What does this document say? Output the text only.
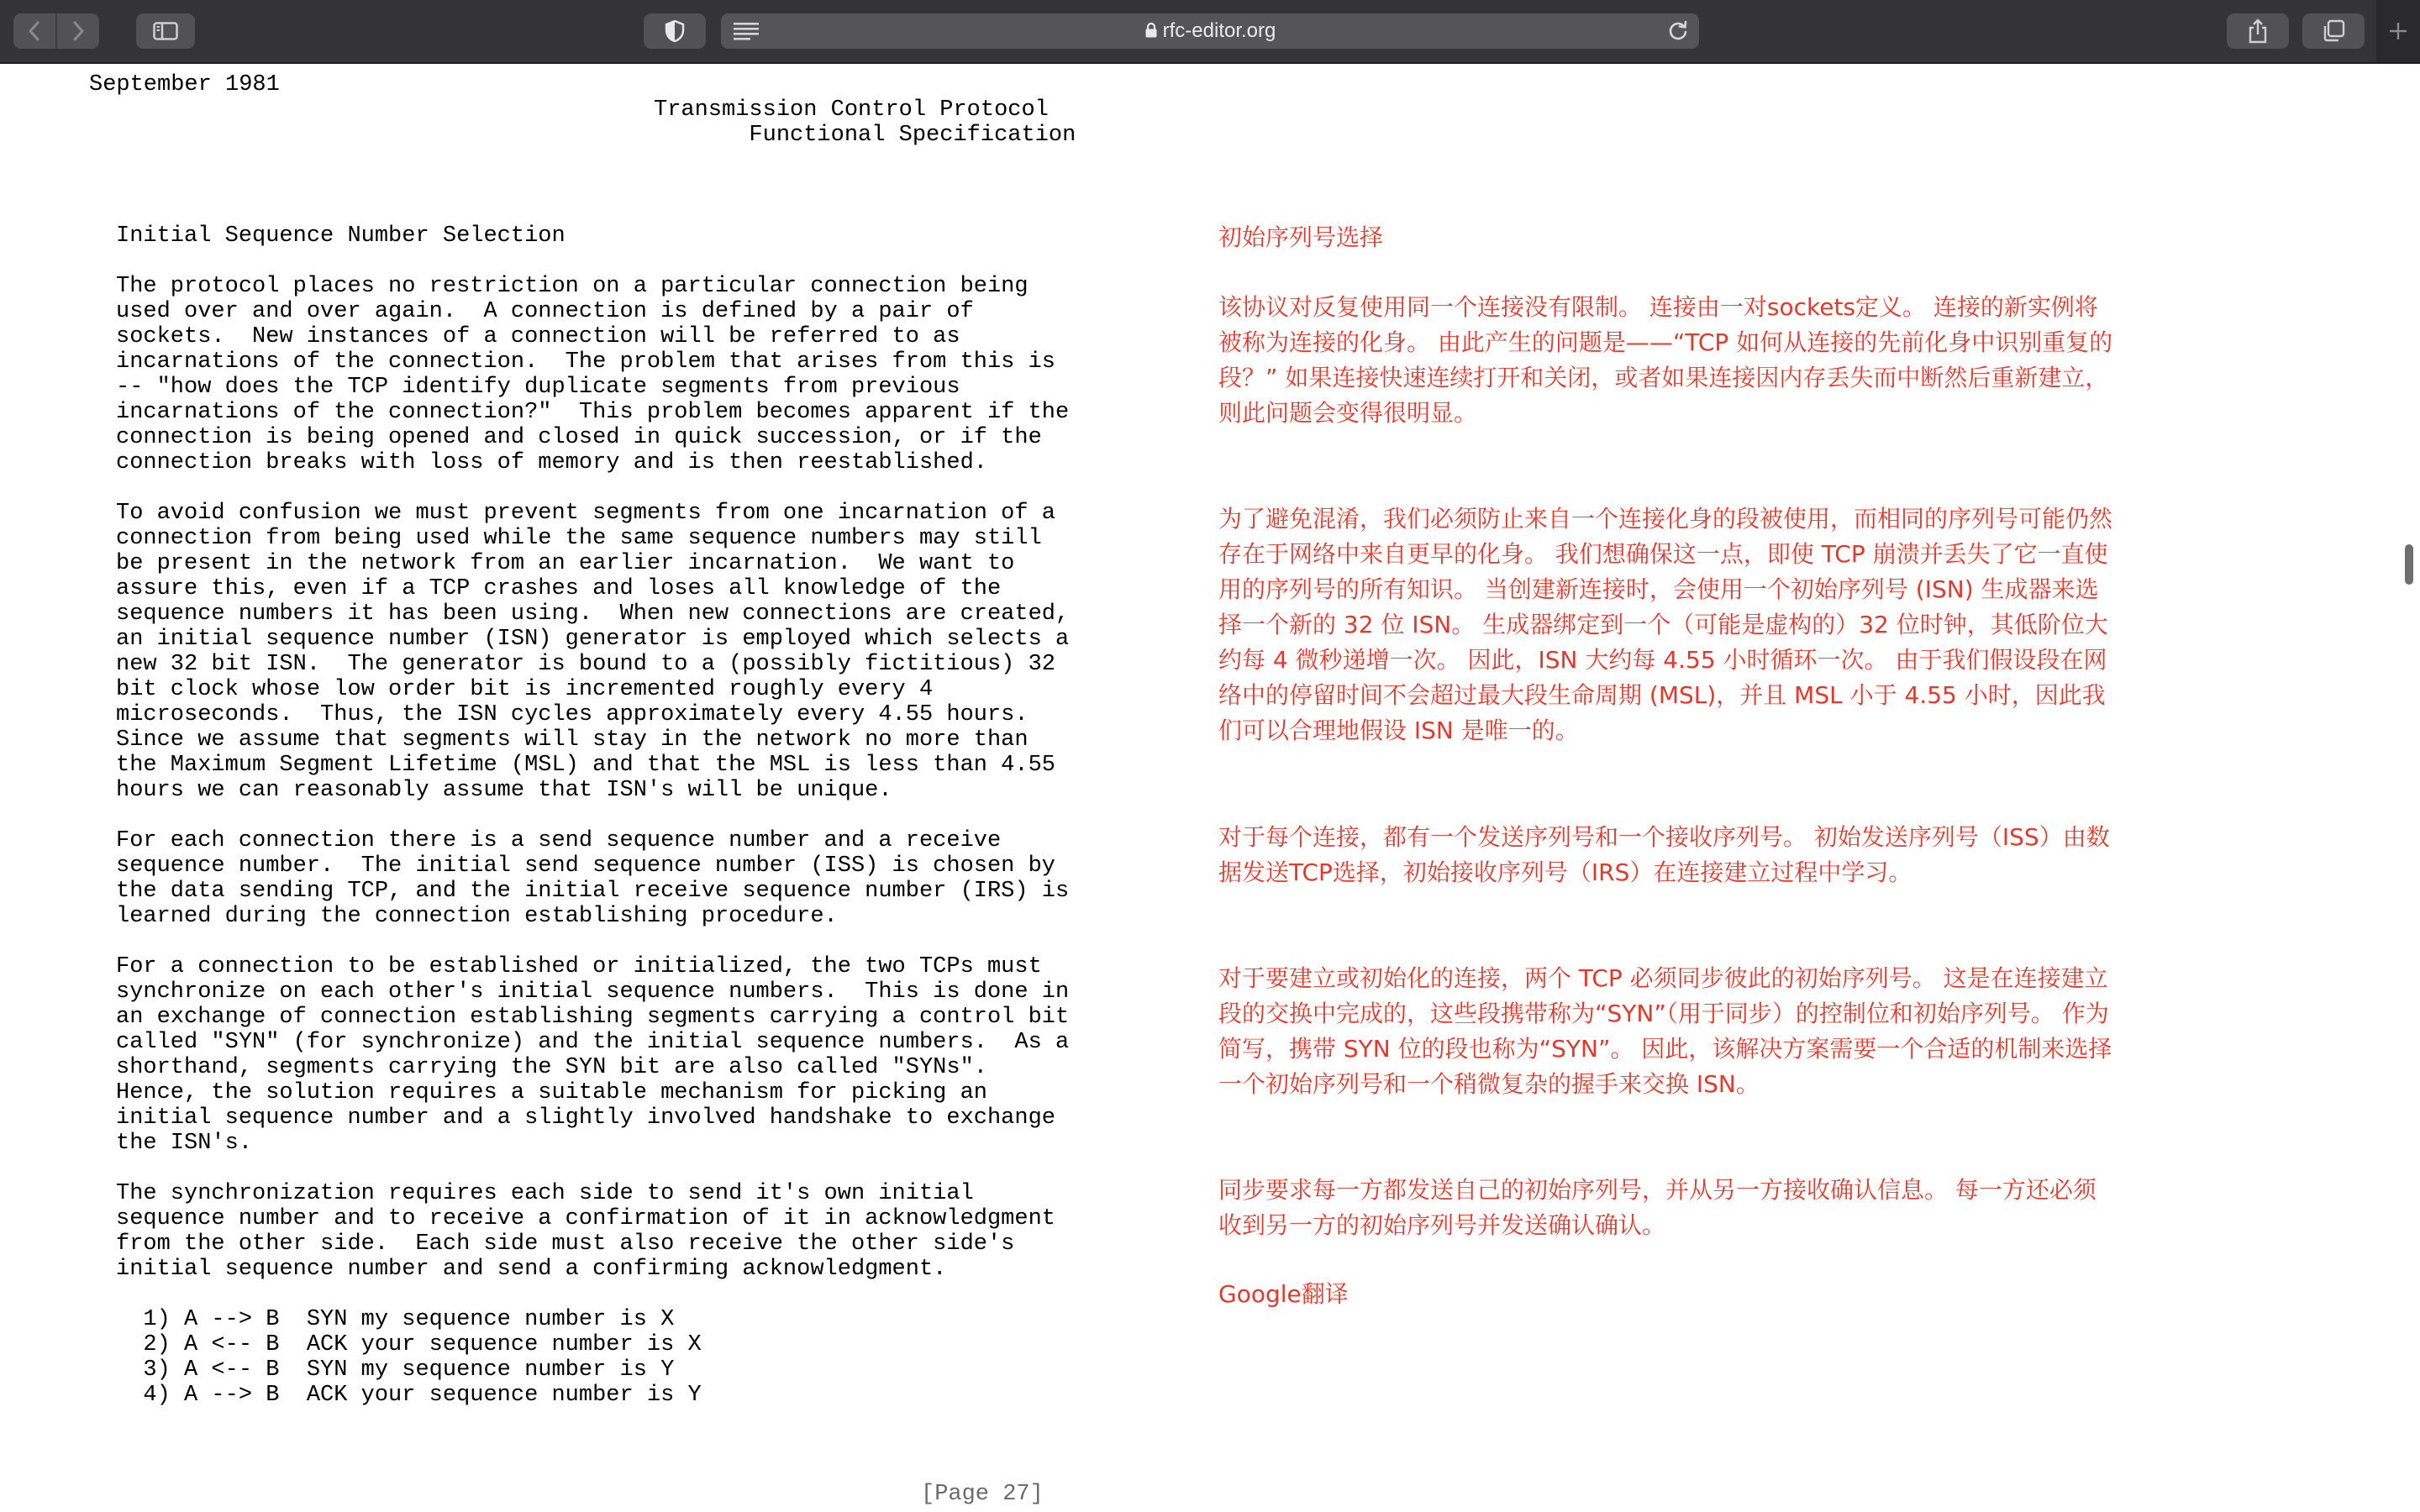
rfc-editor.org
September 1981
Transmission Control Protocol
Functional Specification
Initial Sequence Number Selection

The protocol places no restriction on a particular connection being
used over and over again.  A connection is defined by a pair of
sockets.  New instances of a connection will be referred to as
incarnations of the connection.  The problem that arises from this is
-- "how does the TCP identify duplicate segments from previous
incarnations of the connection?"  This problem becomes apparent if the
connection is being opened and closed in quick succession, or if the
connection breaks with loss of memory and is then reestablished.

To avoid confusion we must prevent segments from one incarnation of a
connection from being used while the same sequence numbers may still
be present in the network from an earlier incarnation.  We want to
assure this, even if a TCP crashes and loses all knowledge of the
sequence numbers it has been using.  When new connections are created,
an initial sequence number (ISN) generator is employed which selects a
new 32 bit ISN.  The generator is bound to a (possibly fictitious) 32
bit clock whose low order bit is incremented roughly every 4
microseconds.  Thus, the ISN cycles approximately every 4.55 hours.
Since we assume that segments will stay in the network no more than
the Maximum Segment Lifetime (MSL) and that the MSL is less than 4.55
hours we can reasonably assume that ISN's will be unique.

For each connection there is a send sequence number and a receive
sequence number.  The initial send sequence number (ISS) is chosen by
the data sending TCP, and the initial receive sequence number (IRS) is
learned during the connection establishing procedure.

For a connection to be established or initialized, the two TCPs must
synchronize on each other's initial sequence numbers.  This is done in
an exchange of connection establishing segments carrying a control bit
called "SYN" (for synchronize) and the initial sequence numbers.  As a
shorthand, segments carrying the SYN bit are also called "SYNs".
Hence, the solution requires a suitable mechanism for picking an
initial sequence number and a slightly involved handshake to exchange
the ISN's.

The synchronization requires each side to send it's own initial
sequence number and to receive a confirmation of it in acknowledgment
from the other side.  Each side must also receive the other side's
initial sequence number and send a confirming acknowledgment.

1) A --> B  SYN my sequence number is X
2) A <-- B  ACK your sequence number is X
3) A <-- B  SYN my sequence number is Y
4) A --> B  ACK your sequence number is Y
[Page 27]

初始序列号选择

该协议对反复使用同一个连接没有限制。 连接由一对sockets定义。 连接的新实例将被称为连接的化身。 由此产生的问题是——“TCP 如何从连接的先前化身中识别重复的段？” 如果连接快速连续打开和关闭，或者如果连接因内存丢失而中断然后重新建立，则此问题会变得很明显。

为了避免混淆，我们必须防止来自一个连接化身的段被使用，而相同的序列号可能仍然存在于网络中来自更早的化身。 我们想确保这一点，即使 TCP 崩溃并丢失了它一直使用的序列号的所有知识。 当创建新连接时，会使用一个初始序列号 (ISN) 生成器来选择一个新的 32 位 ISN。 生成器绑定到一个（可能是虚构的）32 位时钟，其低阶位大约每 4 微秒递增一次。 因此，ISN 大约每 4.55 小时循环一次。 由于我们假设段在网络中的停留时间不会超过最大段生命周期 (MSL)，并且 MSL 小于 4.55 小时，因此我们可以合理地假设 ISN 是唯一的。

对于每个连接，都有一个发送序列号和一个接收序列号。 初始发送序列号（ISS）由数据发送TCP选择，初始接收序列号（IRS）在连接建立过程中学习。

对于要建立或初始化的连接，两个 TCP 必须同步彼此的初始序列号。 这是在连接建立段的交换中完成的，这些段携带称为“SYN”（用于同步）的控制位和初始序列号。 作为简写，携带 SYN 位的段也称为“SYN”。 因此，该解决方案需要一个合适的机制来选择一个初始序列号和一个稍微复杂的握手来交换 ISN。

同步要求每一方都发送自己的初始序列号，并从另一方接收确认信息。 每一方还必须收到另一方的初始序列号并发送确认确认。

Google翻译
